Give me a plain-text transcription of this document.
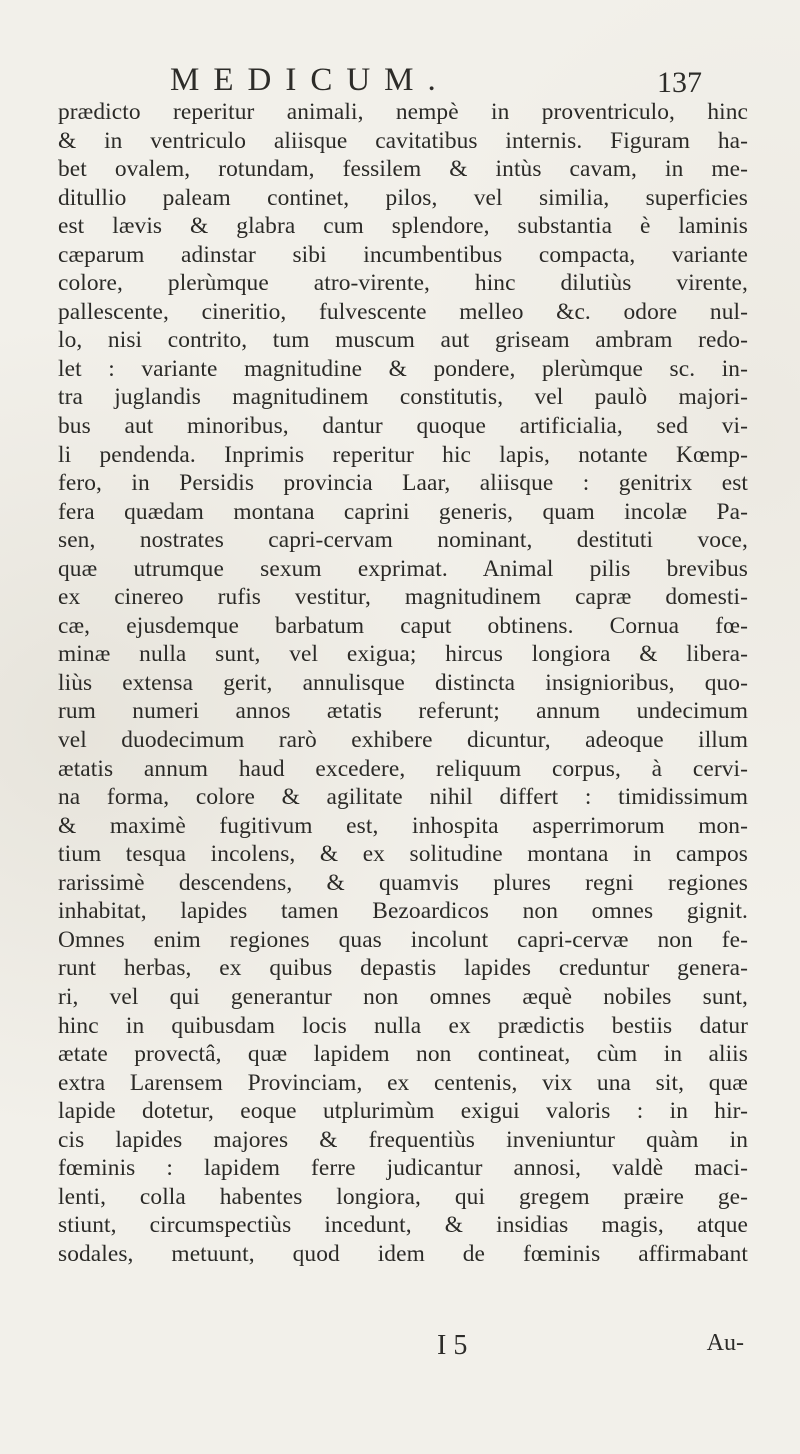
MEDICUM.	137
prædicto reperitur animali, nempè in proventriculo, hinc
& in ventriculo aliisque cavitatibus internis. Figuram ha-
bet ovalem, rotundam, fessilem & intùs cavam, in me-
ditullio paleam continet, pilos, vel similia, superficies
est lævis & glabra cum splendore, substantia è laminis
cæparum adinstar sibi incumbentibus compacta, variante
colore, plerùmque atro-virente, hinc dilutiùs virente,
pallescente, cineritio, fulvescente melleo &c. odore nul-
lo, nisi contrito, tum muscum aut griseam ambram redo-
let : variante magnitudine & pondere, plerùmque sc. in-
tra juglandis magnitudinem constitutis, vel paulò majori-
bus aut minoribus, dantur quoque artificialia, sed vi-
li pendenda. Inprimis reperitur hic lapis, notante Kœmp-
fero, in Persidis provincia Laar, aliisque : genitrix est
fera quædam montana caprini generis, quam incolæ Pa-
sen, nostrates capri-cervam nominant, destituti voce,
quæ utrumque sexum exprimat. Animal pilis brevibus
ex cinereo rufis vestitur, magnitudinem capræ domesti-
cæ, ejusdemque barbatum caput obtinens. Cornua fœ-
minæ nulla sunt, vel exigua; hircus longiora & libera-
liùs extensa gerit, annulisque distincta insignioribus, quo-
rum numeri annos ætatis referunt; annum undecimum
vel duodecimum rarò exhibere dicuntur, adeoque illum
ætatis annum haud excedere, reliquum corpus, à cervi-
na forma, colore & agilitate nihil differt : timidissimum
& maximè fugitivum est, inhospita asperrimorum mon-
tium tesqua incolens, & ex solitudine montana in campos
rarissimè descendens, & quamvis plures regni regiones
inhabitat, lapides tamen Bezoardicos non omnes gignit.
Omnes enim regiones quas incolunt capri-cervæ non fe-
runt herbas, ex quibus depastis lapides creduntur genera-
ri, vel qui generantur non omnes æquè nobiles sunt,
hinc in quibusdam locis nulla ex prædictis bestiis datur
ætate provectâ, quæ lapidem non contineat, cùm in aliis
extra Larensem Provinciam, ex centenis, vix una sit, quæ
lapide dotetur, eoque utplurimùm exigui valoris : in hir-
cis lapides majores & frequentiùs inveniuntur quàm in
fœminis : lapidem ferre judicantur annosi, valdè maci-
lenti, colla habentes longiora, qui gregem præire ge-
stiunt, circumspectiùs incedunt, & insidias magis, atque
sodales, metuunt, quod idem de fœminis affirmabant
I 5	Au-
